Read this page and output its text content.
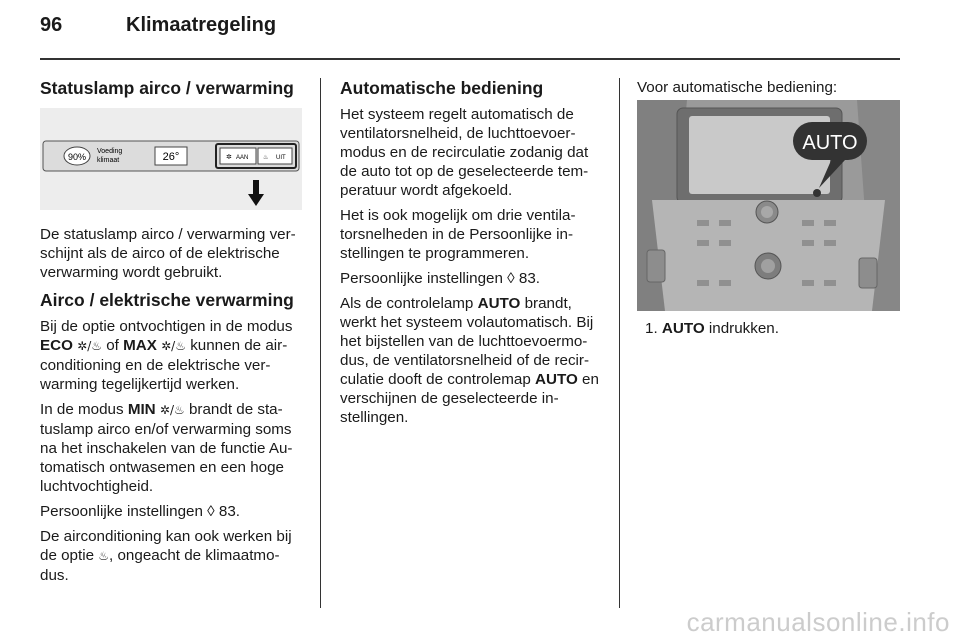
96	Klimaatregeling

Statuslamp airco / verwarming

90%
Voeding
klimaat	26°	✲ AAN ♨ UIT

De statuslamp airco / verwarming ver-schijnt als de airco of de elektrische verwarming wordt gebruikt.

Airco / elektrische verwarming

Bij de optie ontvochtigen in de modus ECO ✲/♨ of MAX ✲/♨ kunnen de air-conditioning en de elektrische ver-warming tegelijkertijd werken.

In de modus MIN ✲/♨ brandt de sta-tuslamp airco en/of verwarming soms na het inschakelen van de functie Au-tomatisch ontwasemen en een hoge luchtvochtigheid.

Persoonlijke instellingen ◊ 83.

De airconditioning kan ook werken bij de optie ♨, ongeacht de klimaatmo-dus.

Automatische bediening

Het systeem regelt automatisch de ventilatorsnelheid, de luchttoevoer-modus en de recirculatie zodanig dat de auto tot op de geselecteerde tem-peratuur wordt afgekoeld.

Het is ook mogelijk om drie ventila-torsnelheden in de Persoonlijke in-stellingen te programmeren.

Persoonlijke instellingen ◊ 83.

Als de controlelamp AUTO brandt, werkt het systeem volautomatisch. Bij het bijstellen van de luchttoevoermo-dus, de ventilatorsnelheid of de recir-culatie dooft de controlemap AUTO en verschijnen de geselecteerde in-stellingen.

Voor automatische bediening:

AUTO
1. AUTO indrukken.
carmanualsonline.info
